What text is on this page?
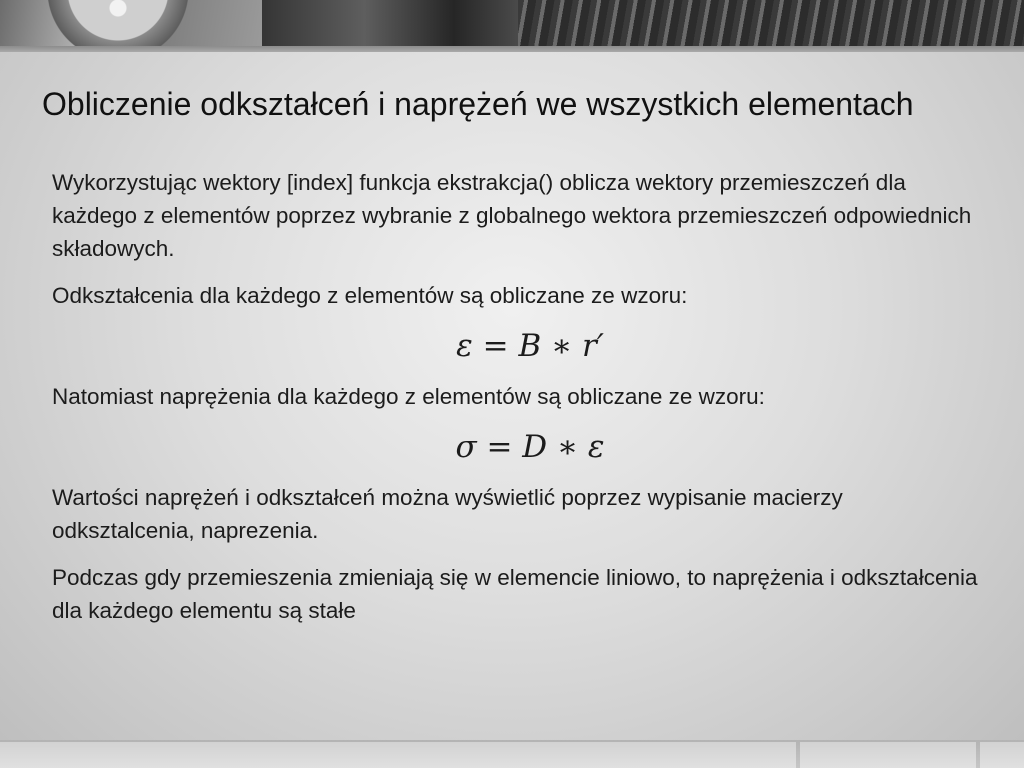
Obliczenie odkształceń i naprężeń we wszystkich elementach

Wykorzystując wektory [index] funkcja ekstrakcja() oblicza wektory przemieszczeń dla każdego z elementów poprzez wybranie z globalnego wektora przemieszczeń odpowiednich składowych.

Odkształcenia dla każdego z elementów są obliczane ze wzoru:

ε = B ∗ r′

Natomiast naprężenia dla każdego z elementów są obliczane ze wzoru:

σ = D ∗ ε

Wartości naprężeń i odkształceń można wyświetlić poprzez wypisanie macierzy odksztalcenia, naprezenia.

Podczas gdy przemieszenia zmieniają się w elemencie liniowo, to naprężenia i odkształcenia dla każdego elementu są stałe
